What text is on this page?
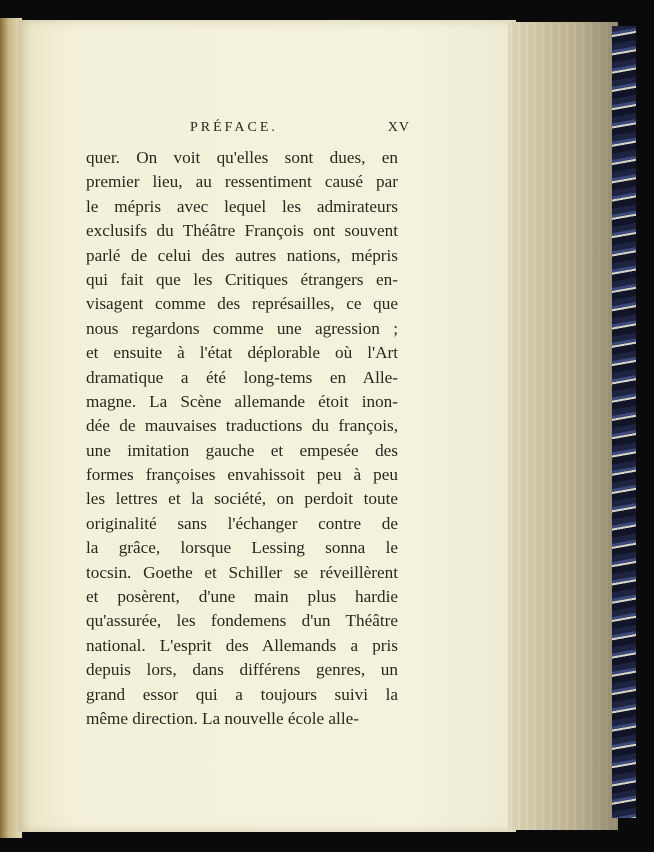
PRÉFACE.	XV
quer. On voit qu'elles sont dues, en
premier lieu, au ressentiment causé par
le mépris avec lequel les admirateurs
exclusifs du Théâtre François ont souvent
parlé de celui des autres nations, mépris
qui fait que les Critiques étrangers en-
visagent comme des représailles, ce que
nous regardons comme une agression ;
et ensuite à l'état déplorable où l'Art
dramatique a été long-tems en Alle-
magne. La Scène allemande étoit inon-
dée de mauvaises traductions du françois,
une imitation gauche et empesée des
formes françoises envahissoit peu à peu
les lettres et la société, on perdoit toute
originalité sans l'échanger contre de
la grâce, lorsque Lessing sonna le
tocsin. Goethe et Schiller se réveillèrent
et posèrent, d'une main plus hardie
qu'assurée, les fondemens d'un Théâtre
national. L'esprit des Allemands a pris
depuis lors, dans différens genres, un
grand essor qui a toujours suivi la
même direction. La nouvelle école alle-
